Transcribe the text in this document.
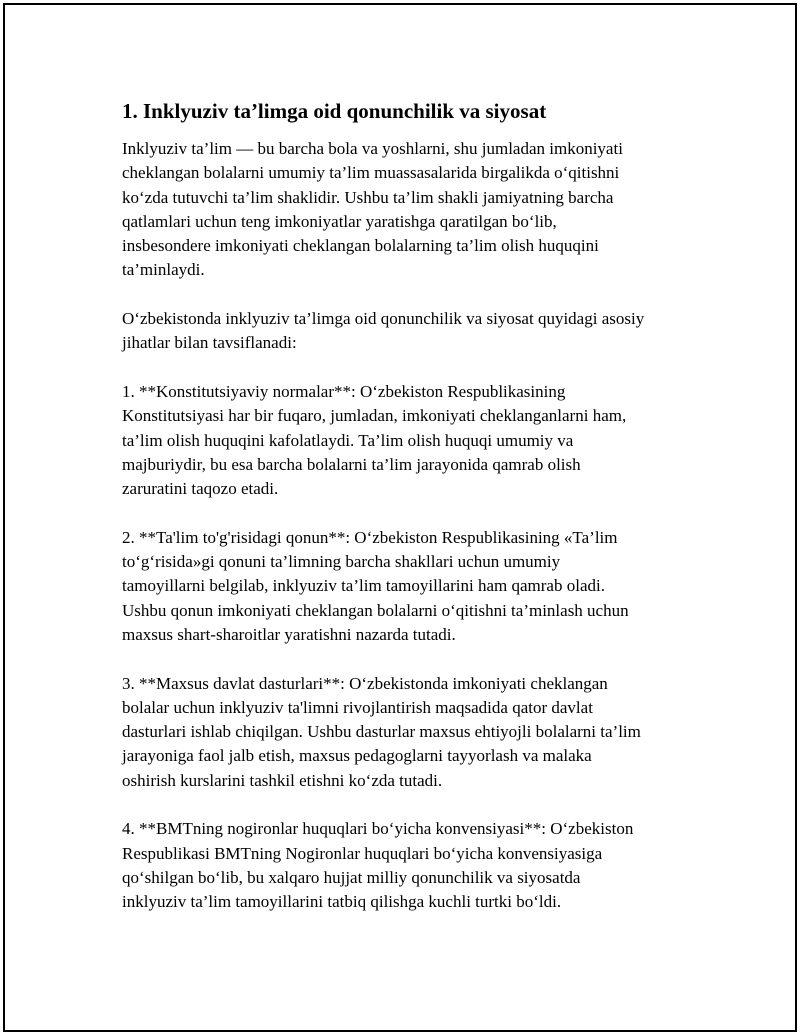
1. Inklyuziv ta’limga oid qonunchilik va siyosat

Inklyuziv ta’lim — bu barcha bola va yoshlarni, shu jumladan imkoniyati
cheklangan bolalarni umumiy ta’lim muassasalarida birgalikda o‘qitishni
ko‘zda tutuvchi ta’lim shaklidir. Ushbu ta’lim shakli jamiyatning barcha
qatlamlari uchun teng imkoniyatlar yaratishga qaratilgan bo‘lib,
insbesondere imkoniyati cheklangan bolalarning ta’lim olish huquqini
ta’minlaydi.

O‘zbekistonda inklyuziv ta’limga oid qonunchilik va siyosat quyidagi asosiy
jihatlar bilan tavsiflanadi:

1. **Konstitutsiyaviy normalar**: O‘zbekiston Respublikasining
Konstitutsiyasi har bir fuqaro, jumladan, imkoniyati cheklanganlarni ham,
ta’lim olish huquqini kafolatlaydi. Ta’lim olish huquqi umumiy va
majburiydir, bu esa barcha bolalarni ta’lim jarayonida qamrab olish
zaruratini taqozo etadi.

2. **Ta'lim to'g'risidagi qonun**: O‘zbekiston Respublikasining «Ta’lim
to‘g‘risida»gi qonuni ta’limning barcha shakllari uchun umumiy
tamoyillarni belgilab, inklyuziv ta’lim tamoyillarini ham qamrab oladi.
Ushbu qonun imkoniyati cheklangan bolalarni o‘qitishni ta’minlash uchun
maxsus shart-sharoitlar yaratishni nazarda tutadi.

3. **Maxsus davlat dasturlari**: O‘zbekistonda imkoniyati cheklangan
bolalar uchun inklyuziv ta'limni rivojlantirish maqsadida qator davlat
dasturlari ishlab chiqilgan. Ushbu dasturlar maxsus ehtiyojli bolalarni ta’lim
jarayoniga faol jalb etish, maxsus pedagoglarni tayyorlash va malaka
oshirish kurslarini tashkil etishni ko‘zda tutadi.

4. **BMTning nogironlar huquqlari bo‘yicha konvensiyasi**: O‘zbekiston
Respublikasi BMTning Nogironlar huquqlari bo‘yicha konvensiyasiga
qo‘shilgan bo‘lib, bu xalqaro hujjat milliy qonunchilik va siyosatda
inklyuziv ta’lim tamoyillarini tatbiq qilishga kuchli turtki bo‘ldi.
